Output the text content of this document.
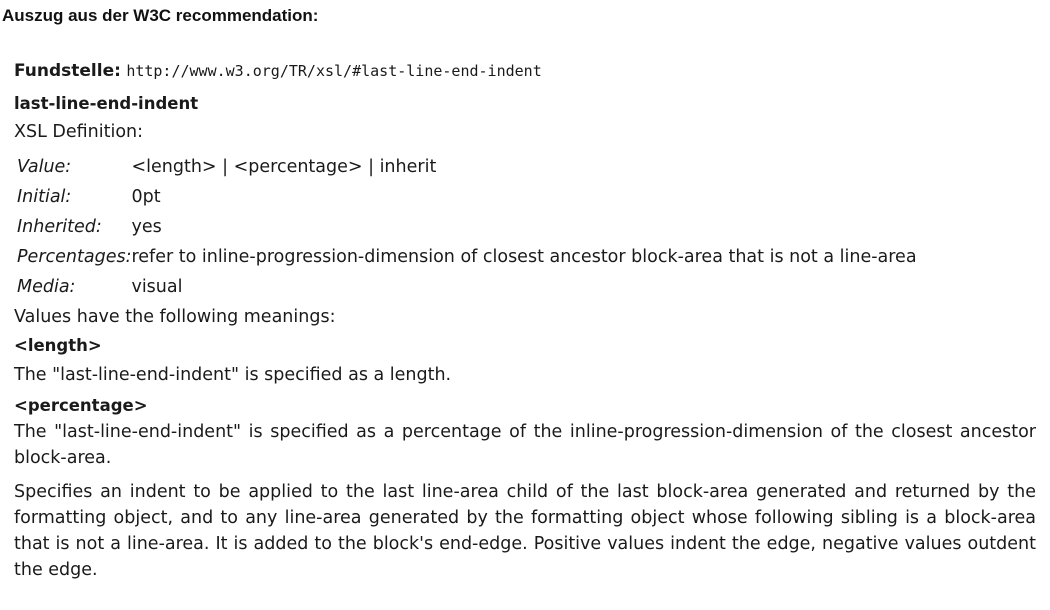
Auszug aus der W3C recommendation:
Fundstelle: http://www.w3.org/TR/xsl/#last-line-end-indent
last-line-end-indent
XSL Definition:
Value:	<length> | <percentage> | inherit
Initial:	0pt
Inherited:	yes
Percentages:	refer to inline-progression-dimension of closest ancestor block-area that is not a line-area
Media:	visual
Values have the following meanings:
<length>
The "last-line-end-indent" is specified as a length.
<percentage>
The "last-line-end-indent" is specified as a percentage of the inline-progression-dimension of the closest ancestor block-area.
Specifies an indent to be applied to the last line-area child of the last block-area generated and returned by the formatting object, and to any line-area generated by the formatting object whose following sibling is a block-area that is not a line-area. It is added to the block's end-edge. Positive values indent the edge, negative values outdent the edge.
